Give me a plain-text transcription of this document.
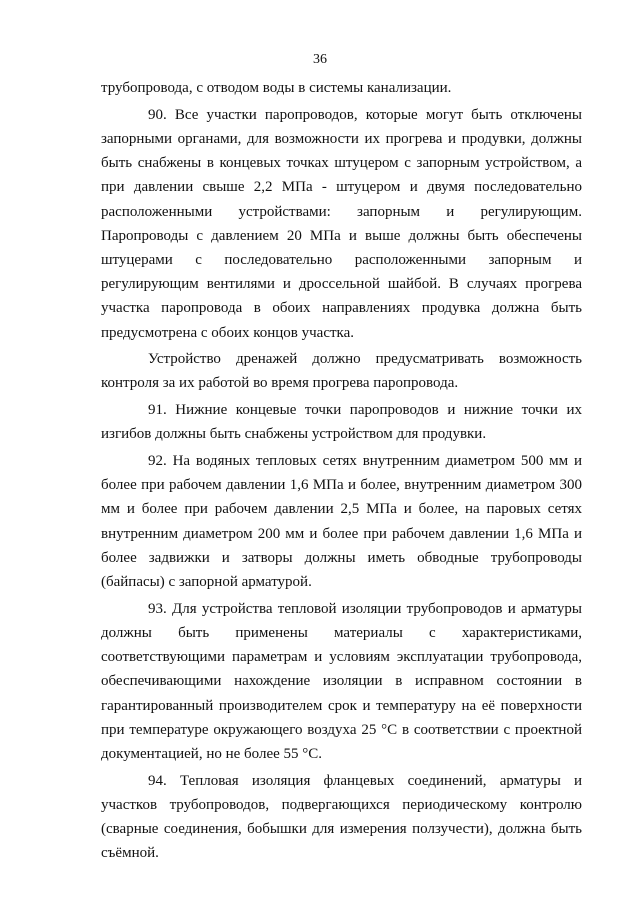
36

трубопровода, с отводом воды в системы канализации.

90. Все участки паропроводов, которые могут быть отключены запорными органами, для возможности их прогрева и продувки, должны быть снабжены в концевых точках штуцером с запорным устройством, а при давлении свыше 2,2 МПа - штуцером и двумя последовательно расположенными устройствами: запорным и регулирующим. Паропроводы с давлением 20 МПа и выше должны быть обеспечены штуцерами с последовательно расположенными запорным и регулирующим вентилями и дроссельной шайбой. В случаях прогрева участка паропровода в обоих направлениях продувка должна быть предусмотрена с обоих концов участка.

Устройство дренажей должно предусматривать возможность контроля за их работой во время прогрева паропровода.

91. Нижние концевые точки паропроводов и нижние точки их изгибов должны быть снабжены устройством для продувки.

92. На водяных тепловых сетях внутренним диаметром 500 мм и более при рабочем давлении 1,6 МПа и более, внутренним диаметром 300 мм и более при рабочем давлении 2,5 МПа и более, на паровых сетях внутренним диаметром 200 мм и более при рабочем давлении 1,6 МПа и более задвижки и затворы должны иметь обводные трубопроводы (байпасы) с запорной арматурой.

93. Для устройства тепловой изоляции трубопроводов и арматуры должны быть применены материалы с характеристиками, соответствующими параметрам и условиям эксплуатации трубопровода, обеспечивающими нахождение изоляции в исправном состоянии в гарантированный производителем срок и температуру на её поверхности при температуре окружающего воздуха 25 °С в соответствии с проектной документацией, но не более 55 °С.

94. Тепловая изоляция фланцевых соединений, арматуры и участков трубопроводов, подвергающихся периодическому контролю (сварные соединения, бобышки для измерения ползучести), должна быть съёмной.
